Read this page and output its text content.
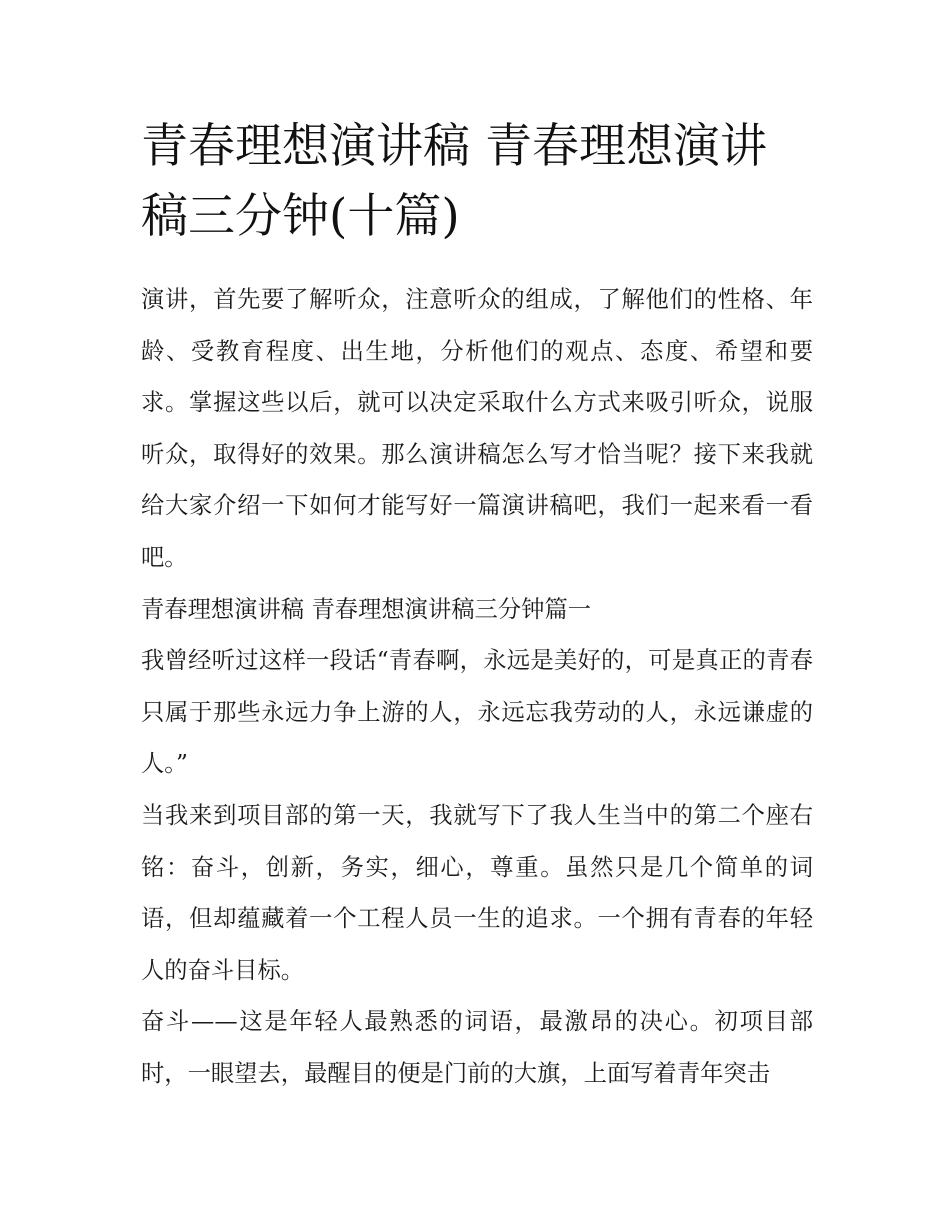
青春理想演讲稿 青春理想演讲稿三分钟(十篇)

演讲，首先要了解听众，注意听众的组成，了解他们的性格、年龄、受教育程度、出生地，分析他们的观点、态度、希望和要求。掌握这些以后，就可以决定采取什么方式来吸引听众，说服听众，取得好的效果。那么演讲稿怎么写才恰当呢？接下来我就给大家介绍一下如何才能写好一篇演讲稿吧，我们一起来看一看吧。

青春理想演讲稿 青春理想演讲稿三分钟篇一

我曾经听过这样一段话“青春啊，永远是美好的，可是真正的青春只属于那些永远力争上游的人，永远忘我劳动的人，永远谦虚的人。”

当我来到项目部的第一天，我就写下了我人生当中的第二个座右铭：奋斗，创新，务实，细心，尊重。虽然只是几个简单的词语，但却蕴藏着一个工程人员一生的追求。一个拥有青春的年轻人的奋斗目标。

奋斗——这是年轻人最熟悉的词语，最激昂的决心。初项目部时，一眼望去，最醒目的便是门前的大旗，上面写着青年突击
